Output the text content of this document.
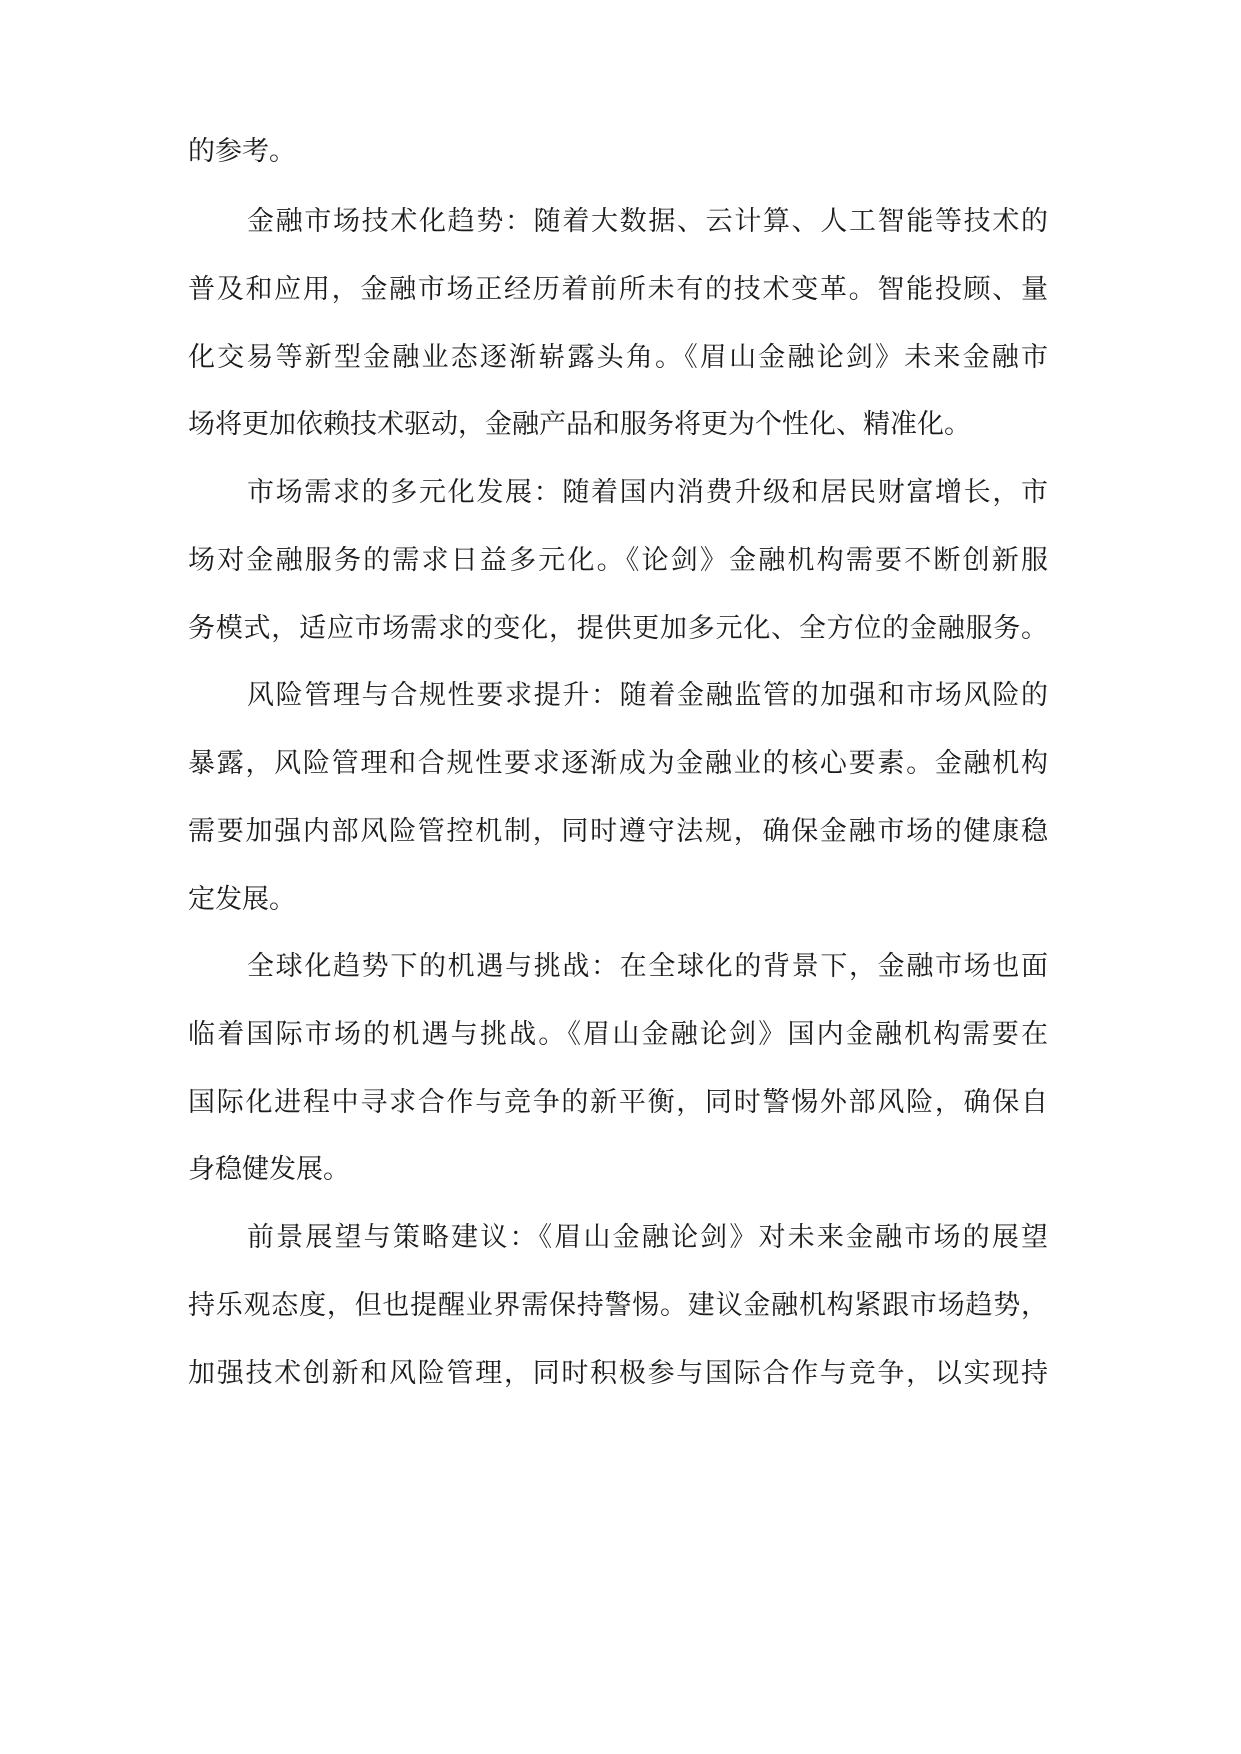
的参考。
金融市场技术化趋势：随着大数据、云计算、人工智能等技术的
普及和应用，金融市场正经历着前所未有的技术变革。智能投顾、量
化交易等新型金融业态逐渐崭露头角。《眉山金融论剑》未来金融市
场将更加依赖技术驱动，金融产品和服务将更为个性化、精准化。
市场需求的多元化发展：随着国内消费升级和居民财富增长，市
场对金融服务的需求日益多元化。《论剑》金融机构需要不断创新服
务模式，适应市场需求的变化，提供更加多元化、全方位的金融服务。
风险管理与合规性要求提升：随着金融监管的加强和市场风险的
暴露，风险管理和合规性要求逐渐成为金融业的核心要素。金融机构
需要加强内部风险管控机制，同时遵守法规，确保金融市场的健康稳
定发展。
全球化趋势下的机遇与挑战：在全球化的背景下，金融市场也面
临着国际市场的机遇与挑战。《眉山金融论剑》国内金融机构需要在
国际化进程中寻求合作与竞争的新平衡，同时警惕外部风险，确保自
身稳健发展。
前景展望与策略建议：《眉山金融论剑》对未来金融市场的展望
持乐观态度，但也提醒业界需保持警惕。建议金融机构紧跟市场趋势，
加强技术创新和风险管理，同时积极参与国际合作与竞争，以实现持
